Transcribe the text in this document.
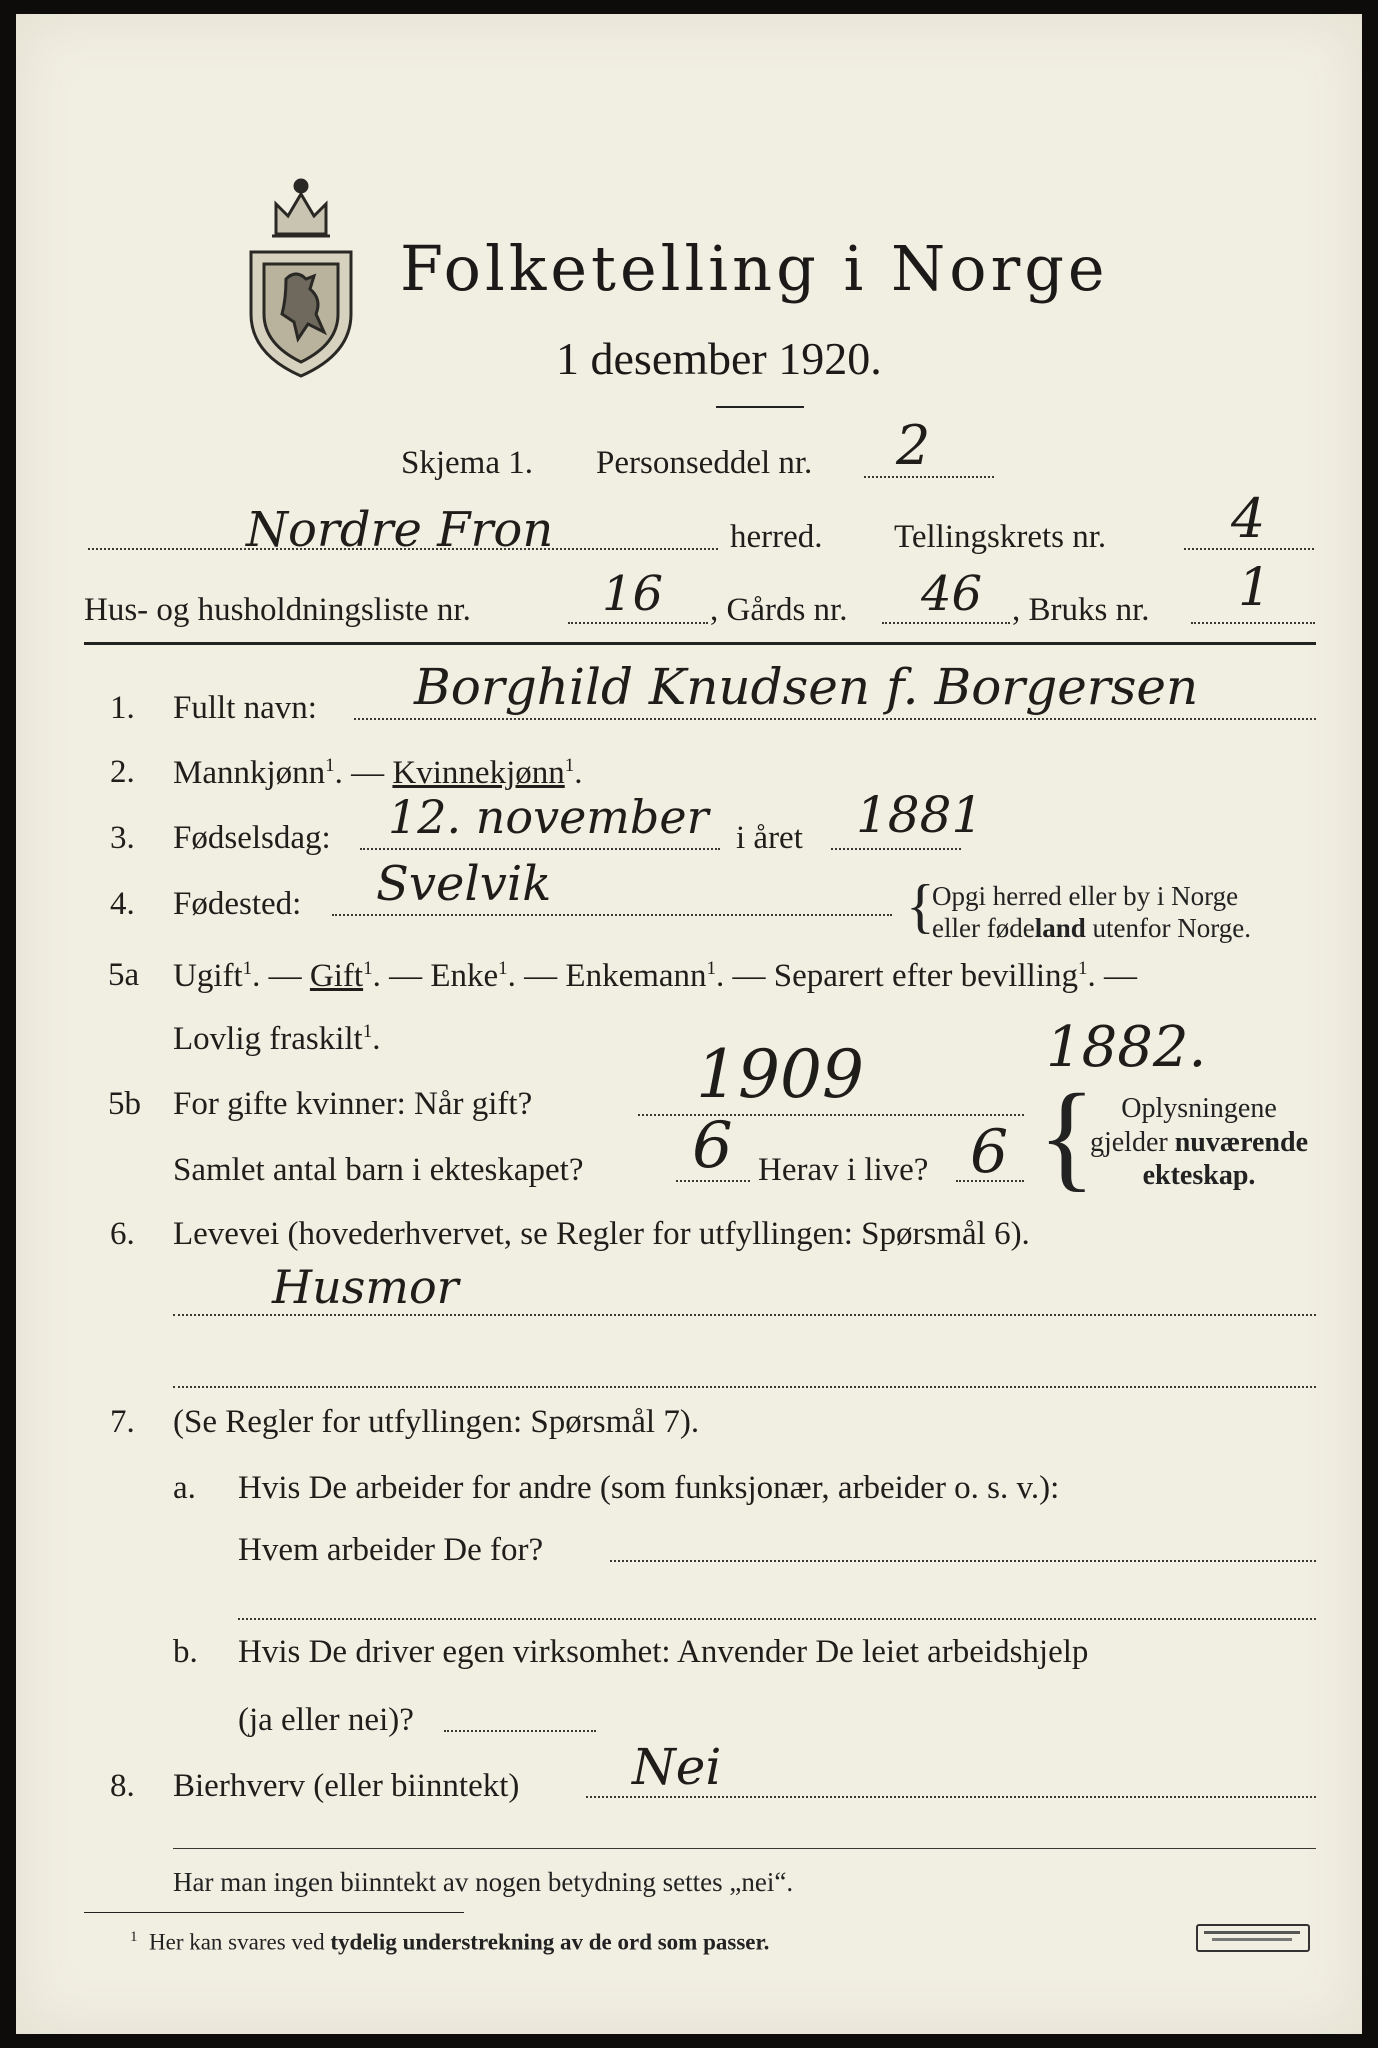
Folketelling i Norge
1 desember 1920.
Skjema 1. Personseddel nr. 2
Nordre Fron	herred. Tellingskrets nr. 4
Hus- og husholdningsliste nr.	16 , Gårds nr. 46 , Bruks nr. 1
1. Fullt navn: Borghild Knudsen f. Borgersen
2. Mannkjønn$^1$. — Kvinnekjønn$^1$.
3. Fødselsdag: 12. november i året 1881
4. Fødested: Svelvik	{
Opgi herred eller by i Norge
eller fødeland utenfor Norge.
5a Ugift$^1$. — Gift$^1$. — Enke$^1$. — Enkemann$^1$. — Separert efter bevilling$^1$. —
Lovlig fraskilt$^1$.	1882.
5b For gifte kvinner: Når gift? 1909
Samlet antal barn i ekteskapet? 6 Herav i live? 6 { Oplysningene
gjelder nuværende
ekteskap.
6. Levevei (hovederhvervet, se Regler for utfyllingen: Spørsmål 6).
Husmor
7. (Se Regler for utfyllingen: Spørsmål 7).
a. Hvis De arbeider for andre (som funksjonær, arbeider o. s. v.):
Hvem arbeider De for?
b. Hvis De driver egen virksomhet: Anvender De leiet arbeidshjelp
(ja eller nei)?
8. Bierhverv (eller biinntekt) Nei
Har man ingen biinntekt av nogen betydning settes „nei“.
$^1$ Her kan svares ved tydelig understrekning av de ord som passer.
